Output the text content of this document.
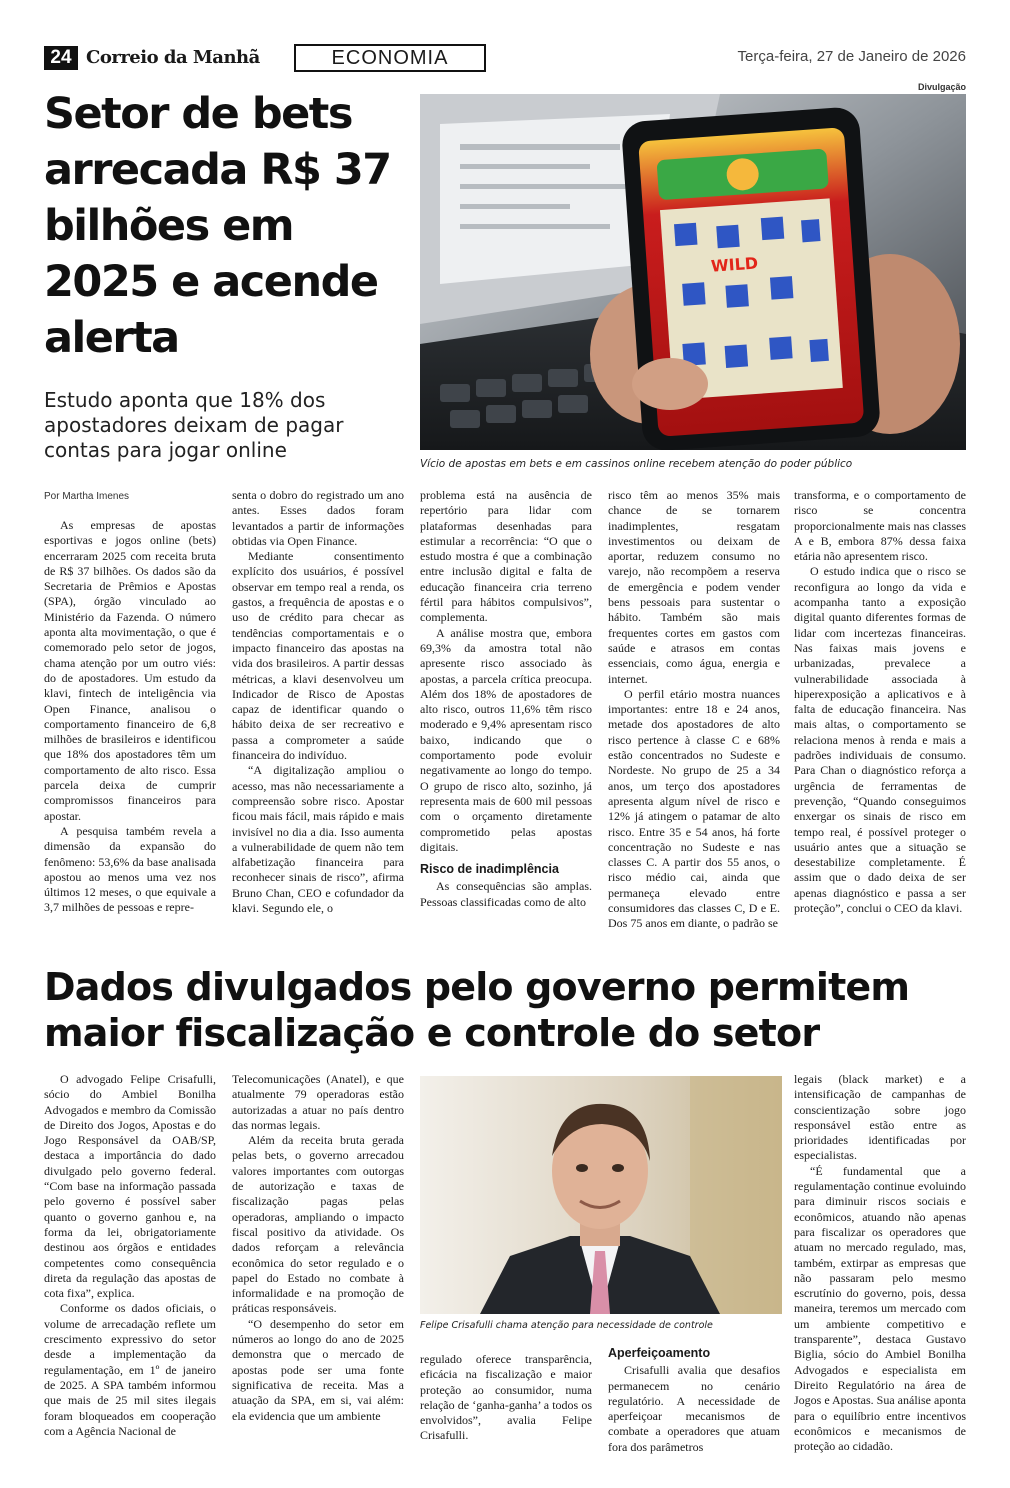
24 Correio da Manhã	ECONOMIA	Terça-feira, 27 de Janeiro de 2026
Setor de bets arrecada R$ 37 bilhões em 2025 e acende alerta
Estudo aponta que 18% dos apostadores deixam de pagar contas para jogar online
Divulgação
WILD
Vício de apostas em bets e em cassinos online recebem atenção do poder público
Por Martha Imenes

As empresas de apostas esportivas e jogos online (bets) encerraram 2025 com receita bruta de R$ 37 bilhões. Os dados são da Secretaria de Prêmios e Apostas (SPA), órgão vinculado ao Ministério da Fazenda. O número aponta alta movimentação, o que é comemorado pelo setor de jogos, chama atenção por um outro viés: do de apostadores. Um estudo da klavi, fintech de inteligência via Open Finance, analisou o comportamento financeiro de 6,8 milhões de brasileiros e identificou que 18% dos apostadores têm um comportamento de alto risco. Essa parcela deixa de cumprir compromissos financeiros para apostar.

A pesquisa também revela a dimensão da expansão do fenômeno: 53,6% da base analisada apostou ao menos uma vez nos últimos 12 meses, o que equivale a 3,7 milhões de pessoas e repre-

senta o dobro do registrado um ano antes. Esses dados foram levantados a partir de informações obtidas via Open Finance.

Mediante consentimento explícito dos usuários, é possível observar em tempo real a renda, os gastos, a frequência de apostas e o uso de crédito para checar as tendências comportamentais e o impacto financeiro das apostas na vida dos brasileiros. A partir dessas métricas, a klavi desenvolveu um Indicador de Risco de Apostas capaz de identificar quando o hábito deixa de ser recreativo e passa a comprometer a saúde financeira do indivíduo.

“A digitalização ampliou o acesso, mas não necessariamente a compreensão sobre risco. Apostar ficou mais fácil, mais rápido e mais invisível no dia a dia. Isso aumenta a vulnerabilidade de quem não tem alfabetização financeira para reconhecer sinais de risco”, afirma Bruno Chan, CEO e cofundador da klavi. Segundo ele, o

problema está na ausência de repertório para lidar com plataformas desenhadas para estimular a recorrência: “O que o estudo mostra é que a combinação entre inclusão digital e falta de educação financeira cria terreno fértil para hábitos compulsivos”, complementa.

A análise mostra que, embora 69,3% da amostra total não apresente risco associado às apostas, a parcela crítica preocupa. Além dos 18% de apostadores de alto risco, outros 11,6% têm risco moderado e 9,4% apresentam risco baixo, indicando que o comportamento pode evoluir negativamente ao longo do tempo. O grupo de risco alto, sozinho, já representa mais de 600 mil pessoas com o orçamento diretamente comprometido pelas apostas digitais.

Risco de inadimplência

As consequências são amplas. Pessoas classificadas como de alto

risco têm ao menos 35% mais chance de se tornarem inadimplentes, resgatam investimentos ou deixam de aportar, reduzem consumo no varejo, não recompõem a reserva de emergência e podem vender bens pessoais para sustentar o hábito. Também são mais frequentes cortes em gastos com saúde e atrasos em contas essenciais, como água, energia e internet.

O perfil etário mostra nuances importantes: entre 18 e 24 anos, metade dos apostadores de alto risco pertence à classe C e 68% estão concentrados no Sudeste e Nordeste. No grupo de 25 a 34 anos, um terço dos apostadores apresenta algum nível de risco e 12% já atingem o patamar de alto risco. Entre 35 e 54 anos, há forte concentração no Sudeste e nas classes C. A partir dos 55 anos, o risco médio cai, ainda que permaneça elevado entre consumidores das classes C, D e E. Dos 75 anos em diante, o padrão se

transforma, e o comportamento de risco se concentra proporcionalmente mais nas classes A e B, embora 87% dessa faixa etária não apresentem risco.

O estudo indica que o risco se reconfigura ao longo da vida e acompanha tanto a exposição digital quanto diferentes formas de lidar com incertezas financeiras. Nas faixas mais jovens e urbanizadas, prevalece a vulnerabilidade associada à hiperexposição a aplicativos e à falta de educação financeira. Nas mais altas, o comportamento se relaciona menos à renda e mais a padrões individuais de consumo. Para Chan o diagnóstico reforça a urgência de ferramentas de prevenção, “Quando conseguimos enxergar os sinais de risco em tempo real, é possível proteger o usuário antes que a situação se desestabilize completamente. É assim que o dado deixa de ser apenas diagnóstico e passa a ser proteção”, conclui o CEO da klavi.

Dados divulgados pelo governo permitem maior fiscalização e controle do setor

O advogado Felipe Crisafulli, sócio do Ambiel Bonilha Advogados e membro da Comissão de Direito dos Jogos, Apostas e do Jogo Responsável da OAB/SP, destaca a importância do dado divulgado pelo governo federal. “Com base na informação passada pelo governo é possível saber quanto o governo ganhou e, na forma da lei, obrigatoriamente destinou aos órgãos e entidades competentes como consequência direta da regulação das apostas de cota fixa”, explica.

Conforme os dados oficiais, o volume de arrecadação reflete um crescimento expressivo do setor desde a implementação da regulamentação, em 1º de janeiro de 2025. A SPA também informou que mais de 25 mil sites ilegais foram bloqueados em cooperação com a Agência Nacional de

Telecomunicações (Anatel), e que atualmente 79 operadoras estão autorizadas a atuar no país dentro das normas legais.

Além da receita bruta gerada pelas bets, o governo arrecadou valores importantes com outorgas de autorização e taxas de fiscalização pagas pelas operadoras, ampliando o impacto fiscal positivo da atividade. Os dados reforçam a relevância econômica do setor regulado e o papel do Estado no combate à informalidade e na promoção de práticas responsáveis.

“O desempenho do setor em números ao longo do ano de 2025 demonstra que o mercado de apostas pode ser uma fonte significativa de receita. Mas a atuação da SPA, em si, vai além: ela evidencia que um ambiente

Felipe Crisafulli chama atenção para necessidade de controle

regulado oferece transparência, eficácia na fiscalização e maior proteção ao consumidor, numa relação de ‘ganha-ganha’ a todos os envolvidos”, avalia Felipe Crisafulli.

Aperfeiçoamento

Crisafulli avalia que desafios permanecem no cenário regulatório. A necessidade de aperfeiçoar mecanismos de combate a operadores que atuam fora dos parâmetros

legais (black market) e a intensificação de campanhas de conscientização sobre jogo responsável estão entre as prioridades identificadas por especialistas.

“É fundamental que a regulamentação continue evoluindo para diminuir riscos sociais e econômicos, atuando não apenas para fiscalizar os operadores que atuam no mercado regulado, mas, também, extirpar as empresas que não passaram pelo mesmo escrutínio do governo, pois, dessa maneira, teremos um mercado com um ambiente competitivo e transparente”, destaca Gustavo Biglia, sócio do Ambiel Bonilha Advogados e especialista em Direito Regulatório na área de Jogos e Apostas. Sua análise aponta para o equilíbrio entre incentivos econômicos e mecanismos de proteção ao cidadão.
